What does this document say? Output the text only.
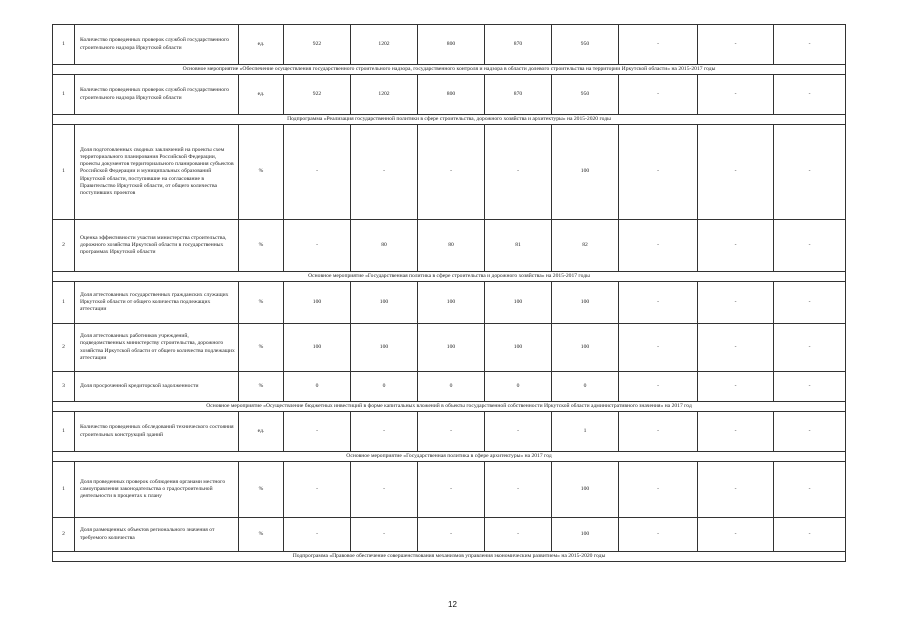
1	Количество проведенных проверок службой государственного строительного надзора Иркутской области	ед.	922	1202	800	870	950	-	-	-
Основное мероприятие «Обеспечение осуществления государственного строительного надзора, государственного контроля и надзора в области долевого строительства на территории Иркутской области» на 2015-2017 годы										
1	Количество проведенных проверок службой государственного строительного надзора Иркутской области	ед.	922	1202	800	870	950	-	-	-
Подпрограмма «Реализация государственной политики в сфере строительства, дорожного хозяйства и архитектуры» на 2015-2020 годы										
1	Доля подготовленных сводных заключений на проекты схем территориального планирования Российской Федерации, проекты документов территориального планирования субъектов Российской Федерации и муниципальных образований Иркутской области, поступившие на согласование в Правительство Иркутской области, от общего количества поступивших проектов	%	-	-	-	-	100	-	-	-
2	Оценка эффективности участия министерства строительства, дорожного хозяйства Иркутской области в государственных программах Иркутской области	%	-	80	80	81	82	-	-	-
Основное мероприятие «Государственная политика в сфере строительства и дорожного хозяйства» на 2015-2017 годы										
1	Доля аттестованных государственных гражданских служащих Иркутской области от общего количества подлежащих аттестации	%	100	100	100	100	100	-	-	-
2	Доля аттестованных работников учреждений, подведомственных министерству строительства, дорожного хозяйства Иркутской области от общего количества подлежащих аттестации	%	100	100	100	100	100	-	-	-
3	Доля просроченной кредиторской задолженности	%	0	0	0	0	0	-	-	-
Основное мероприятие «Осуществление бюджетных инвестиций в форме капитальных вложений в объекты государственной собственности Иркутской области административного значения» на 2017 год										
1	Количество проведенных обследований технического состояния строительных конструкций зданий	ед.	-	-	-	-	1	-	-	-
Основное мероприятие «Государственная политика в сфере архитектуры» на 2017 год										
1	Доля проведенных проверок соблюдения органами местного самоуправления законодательства о градостроительной деятельности в процентах к плану	%	-	-	-	-	100	-	-	-
2	Доля размещенных объектов регионального значения от требуемого количества	%	-	-	-	-	100	-	-	-
Подпрограмма «Правовое обеспечение совершенствования механизмов управления экономическим развитием» на 2015-2020 годы										
12
